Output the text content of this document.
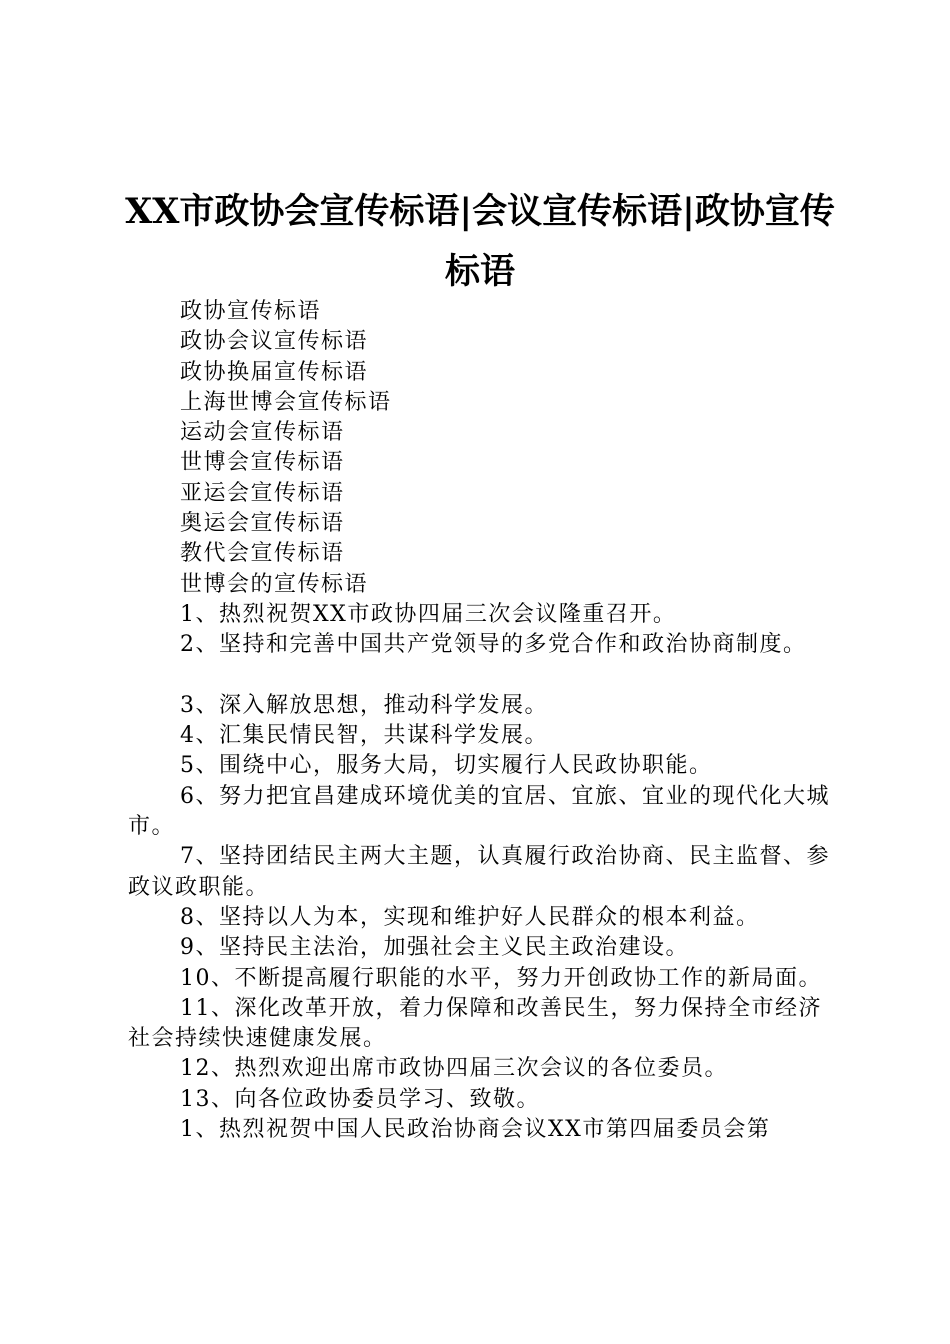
XX市政协会宣传标语|会议宣传标语|政协宣传标语
政协宣传标语
政协会议宣传标语
政协换届宣传标语
上海世博会宣传标语
运动会宣传标语
世博会宣传标语
亚运会宣传标语
奥运会宣传标语
教代会宣传标语
世博会的宣传标语
1、热烈祝贺XX市政协四届三次会议隆重召开。
2、坚持和完善中国共产党领导的多党合作和政治协商制度。
3、深入解放思想，推动科学发展。
4、汇集民情民智，共谋科学发展。
5、围绕中心，服务大局，切实履行人民政协职能。
6、努力把宜昌建成环境优美的宜居、宜旅、宜业的现代化大城市。
7、坚持团结民主两大主题，认真履行政治协商、民主监督、参政议政职能。
8、坚持以人为本，实现和维护好人民群众的根本利益。
9、坚持民主法治，加强社会主义民主政治建设。
10、不断提高履行职能的水平，努力开创政协工作的新局面。
11、深化改革开放，着力保障和改善民生，努力保持全市经济社会持续快速健康发展。
12、热烈欢迎出席市政协四届三次会议的各位委员。
13、向各位政协委员学习、致敬。
1、热烈祝贺中国人民政治协商会议XX市第四届委员会第
